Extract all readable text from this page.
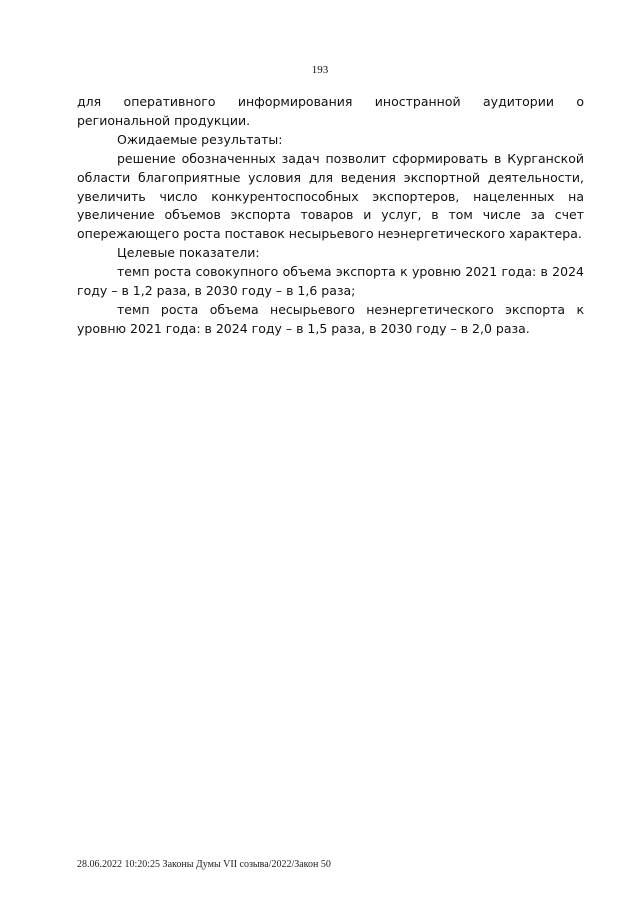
193

для оперативного информирования иностранной аудитории о региональной продукции.

Ожидаемые результаты:

решение обозначенных задач позволит сформировать в Курганской области благоприятные условия для ведения экспортной деятельности, увеличить число конкурентоспособных экспортеров, нацеленных на увеличение объемов экспорта товаров и услуг, в том числе за счет опережающего роста поставок несырьевого неэнергетического характера.

Целевые показатели:

темп роста совокупного объема экспорта к уровню 2021 года: в 2024 году – в 1,2 раза, в 2030 году – в 1,6 раза;

темп роста объема несырьевого неэнергетического экспорта к уровню 2021 года: в 2024 году – в 1,5 раза, в 2030 году – в 2,0 раза.

28.06.2022 10:20:25 Законы Думы VII созыва/2022/Закон 50
